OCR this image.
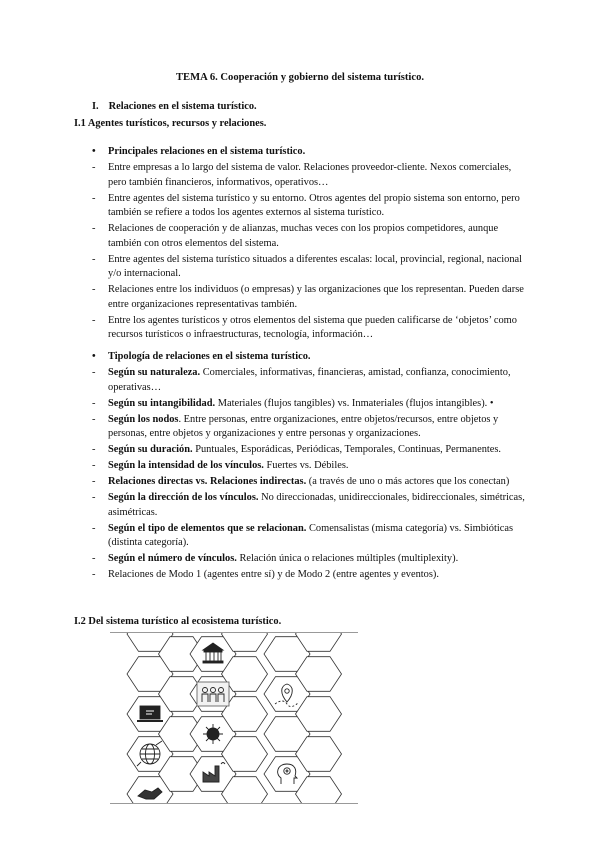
TEMA 6. Cooperación y gobierno del sistema turístico.
I. Relaciones en el sistema turístico.
I.1 Agentes turísticos, recursos y relaciones.
• Principales relaciones en el sistema turístico.
- Entre empresas a lo largo del sistema de valor. Relaciones proveedor-cliente. Nexos comerciales, pero también financieros, informativos, operativos…
- Entre agentes del sistema turístico y su entorno. Otros agentes del propio sistema son entorno, pero también se refiere a todos los agentes externos al sistema turístico.
- Relaciones de cooperación y de alianzas, muchas veces con los propios competidores, aunque también con otros elementos del sistema.
- Entre agentes del sistema turístico situados a diferentes escalas: local, provincial, regional, nacional y/o internacional.
- Relaciones entre los individuos (o empresas) y las organizaciones que los representan. Pueden darse entre organizaciones representativas también.
- Entre los agentes turísticos y otros elementos del sistema que pueden calificarse de ‘objetos’ como recursos turísticos o infraestructuras, tecnología, información…
• Tipología de relaciones en el sistema turístico.
- Según su naturaleza. Comerciales, informativas, financieras, amistad, confianza, conocimiento, operativas…
- Según su intangibilidad. Materiales (flujos tangibles) vs. Inmateriales (flujos intangibles). •
- Según los nodos. Entre personas, entre organizaciones, entre objetos/recursos, entre objetos y personas, entre objetos y organizaciones y entre personas y organizaciones.
- Según su duración. Puntuales, Esporádicas, Periódicas, Temporales, Continuas, Permanentes.
- Según la intensidad de los vínculos. Fuertes vs. Débiles.
- Relaciones directas vs. Relaciones indirectas. (a través de uno o más actores que los conectan)
- Según la dirección de los vínculos. No direccionadas, unidireccionales, bidireccionales, simétricas, asimétricas.
- Según el tipo de elementos que se relacionan. Comensalistas (misma categoría) vs. Simbióticas (distinta categoría).
- Según el número de vínculos. Relación única o relaciones múltiples (multiplexity).
- Relaciones de Modo 1 (agentes entre sí) y de Modo 2 (entre agentes y eventos).
I.2 Del sistema turístico al ecosistema turístico.
